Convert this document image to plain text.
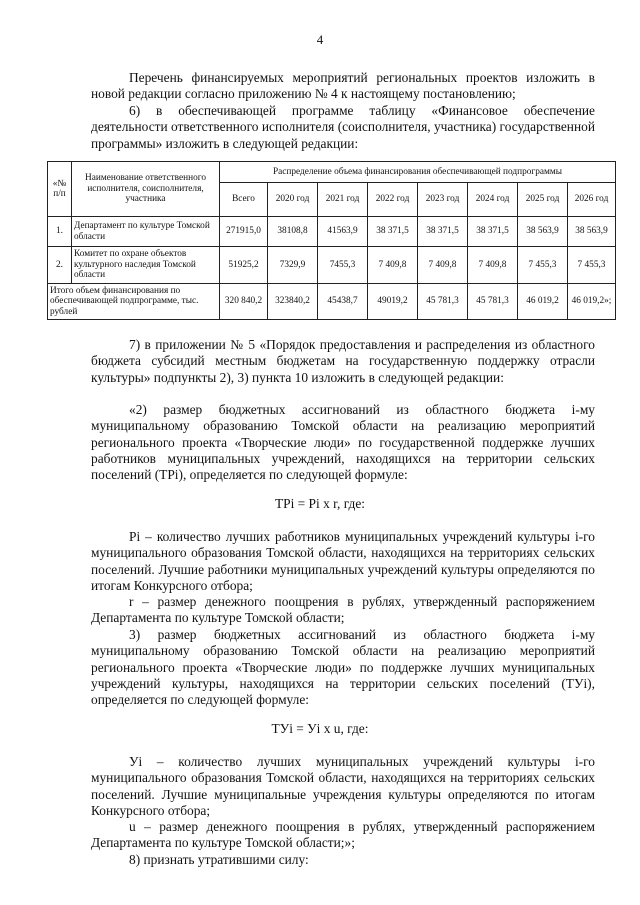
4

Перечень финансируемых мероприятий региональных проектов изложить в новой редакции согласно приложению № 4 к настоящему постановлению;

6) в обеспечивающей программе таблицу «Финансовое обеспечение деятельности ответственного исполнителя (соисполнителя, участника) государственной программы» изложить в следующей редакции:

«№ п/п	Наименование ответственного исполнителя, соисполнителя, участника	Распределение объема финансирования обеспечивающей подпрограммы							
		Всего	2020 год	2021 год	2022 год	2023 год	2024 год	2025 год	2026 год
1.	Департамент по культуре Томской области	271915,0	38108,8	41563,9	38 371,5	38 371,5	38 371,5	38 563,9	38 563,9
2.	Комитет по охране объектов культурного наследия Томской области	51925,2	7329,9	7455,3	7 409,8	7 409,8	7 409,8	7 455,3	7 455,3
Итого объем финансирования по обеспечивающей подпрограмме, тыс. рублей		320 840,2	323840,2	45438,7	49019,2	45 781,3	45 781,3	46 019,2	46 019,2»;

7) в приложении № 5 «Порядок предоставления и распределения из областного бюджета субсидий местным бюджетам на государственную поддержку отрасли культуры» подпункты 2), 3) пункта 10 изложить в следующей редакции:

«2) размер бюджетных ассигнований из областного бюджета i-му муниципальному образованию Томской области на реализацию мероприятий регионального проекта «Творческие люди» по государственной поддержке лучших работников муниципальных учреждений, находящихся на территории сельских поселений (ТРi), определяется по следующей формуле:

ТРi = Рi x r, где:

Рi – количество лучших работников муниципальных учреждений культуры i-го муниципального образования Томской области, находящихся на территориях сельских поселений. Лучшие работники муниципальных учреждений культуры определяются по итогам Конкурсного отбора;

r – размер денежного поощрения в рублях, утвержденный распоряжением Департамента по культуре Томской области;

3) размер бюджетных ассигнований из областного бюджета i-му муниципальному образованию Томской области на реализацию мероприятий регионального проекта «Творческие люди» по поддержке лучших муниципальных учреждений культуры, находящихся на территории сельских поселений (ТУi), определяется по следующей формуле:

ТУi = Уi x u, где:

Уi – количество лучших муниципальных учреждений культуры i-го муниципального образования Томской области, находящихся на территориях сельских поселений. Лучшие муниципальные учреждения культуры определяются по итогам Конкурсного отбора;

u – размер денежного поощрения в рублях, утвержденный распоряжением Департамента по культуре Томской области;»;

8) признать утратившими силу:
